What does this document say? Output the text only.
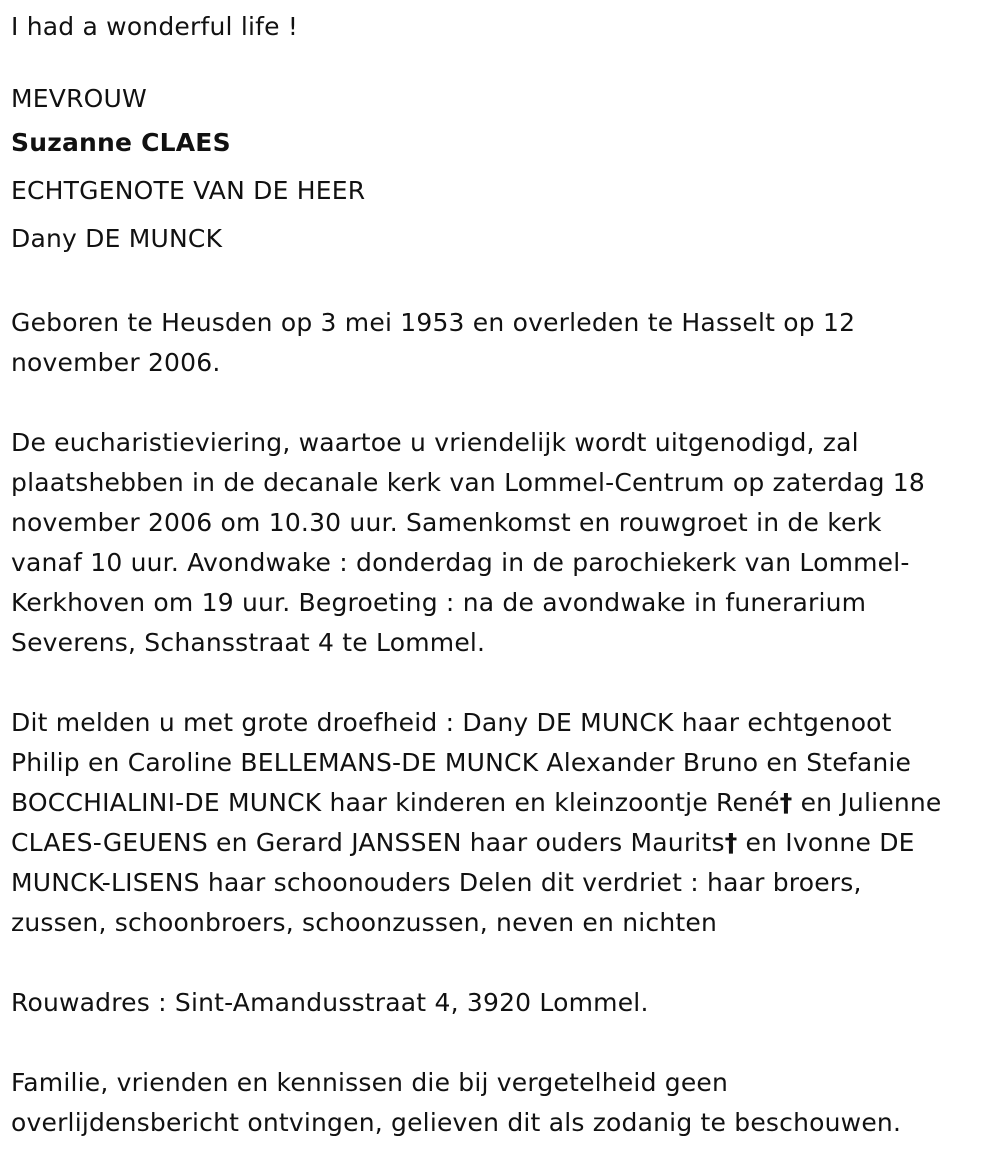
I had a wonderful life !
MEVROUW
Suzanne CLAES
ECHTGENOTE VAN DE HEER
Dany DE MUNCK
Geboren te Heusden op 3 mei 1953 en overleden te Hasselt op 12
november 2006.
De eucharistieviering, waartoe u vriendelijk wordt uitgenodigd, zal
plaatshebben in de decanale kerk van Lommel-Centrum op zaterdag 18
november 2006 om 10.30 uur. Samenkomst en rouwgroet in de kerk
vanaf 10 uur. Avondwake : donderdag in de parochiekerk van Lommel-
Kerkhoven om 19 uur. Begroeting : na de avondwake in funerarium
Severens, Schansstraat 4 te Lommel.
Dit melden u met grote droefheid : Dany DE MUNCK haar echtgenoot
Philip en Caroline BELLEMANS-DE MUNCK Alexander Bruno en Stefanie
BOCCHIALINI-DE MUNCK haar kinderen en kleinzoontje René† en Julienne
CLAES-GEUENS en Gerard JANSSEN haar ouders Maurits† en Ivonne DE
MUNCK-LISENS haar schoonouders Delen dit verdriet : haar broers,
zussen, schoonbroers, schoonzussen, neven en nichten
Rouwadres : Sint-Amandusstraat 4, 3920 Lommel.
Familie, vrienden en kennissen die bij vergetelheid geen
overlijdensbericht ontvingen, gelieven dit als zodanig te beschouwen.
